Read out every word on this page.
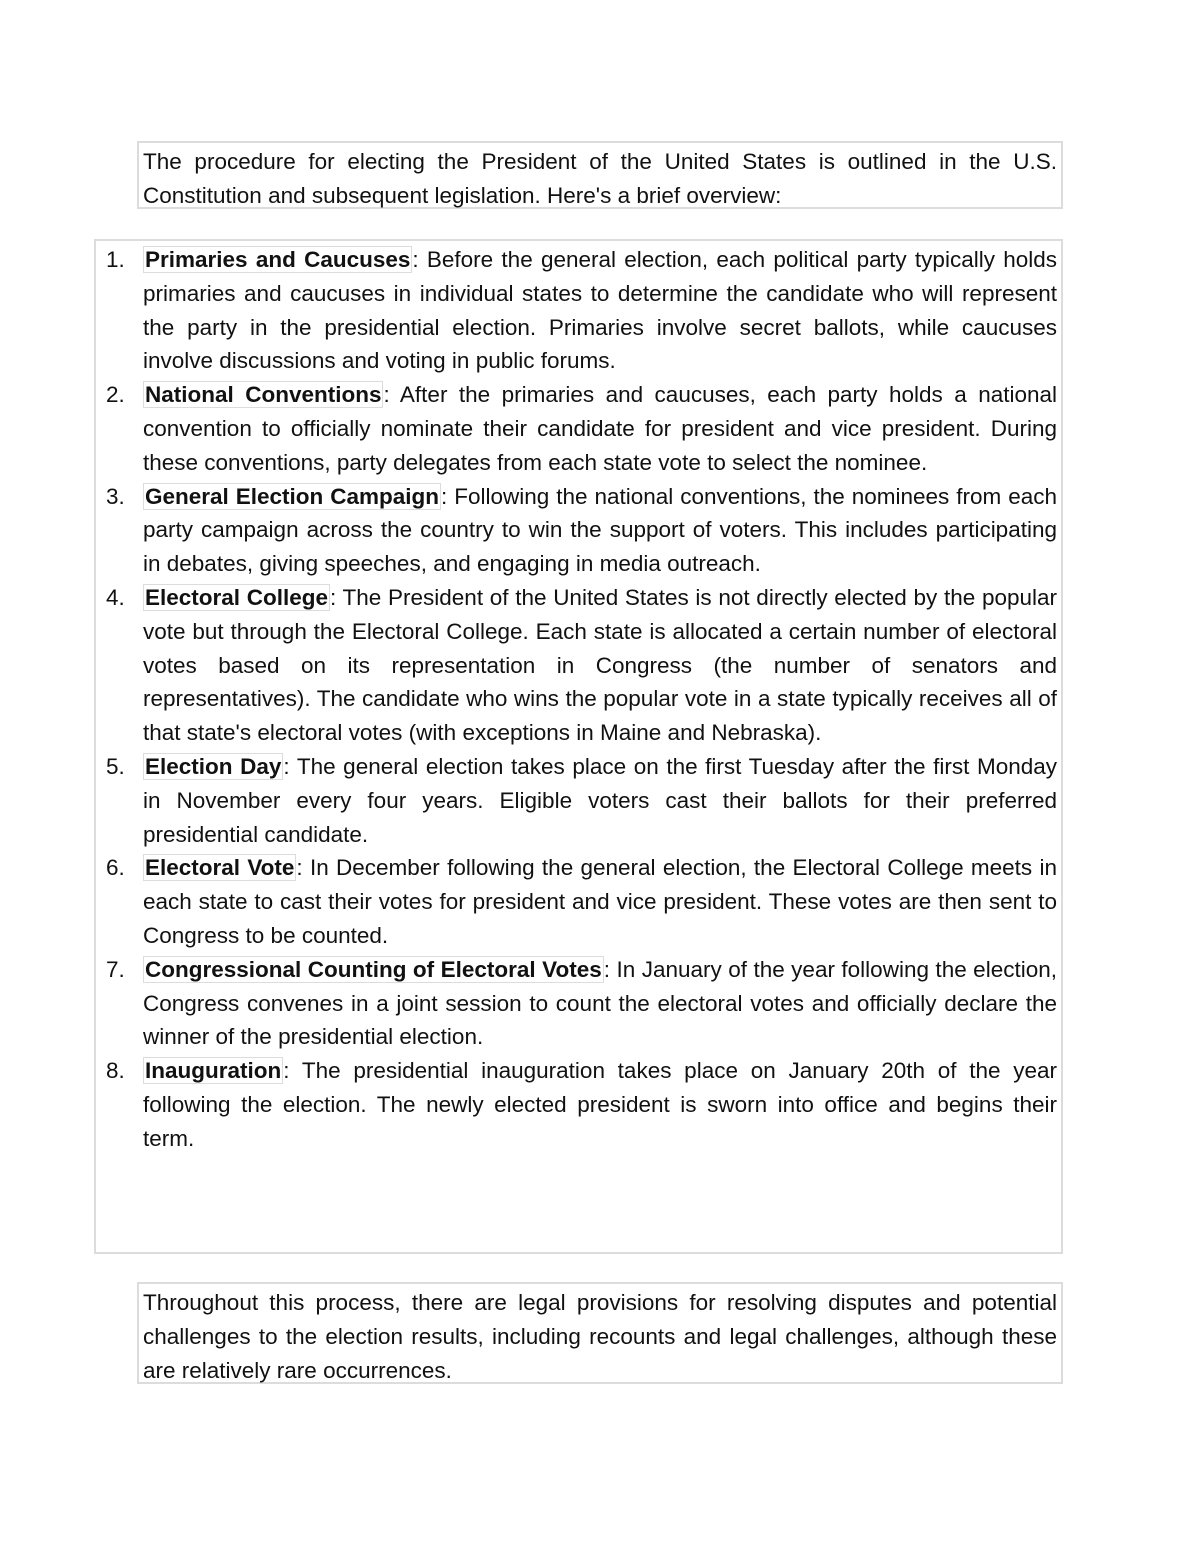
The procedure for electing the President of the United States is outlined in the U.S. Constitution and subsequent legislation. Here's a brief overview:

1. Primaries and Caucuses: Before the general election, each political party typically holds primaries and caucuses in individual states to determine the candidate who will represent the party in the presidential election. Primaries involve secret ballots, while caucuses involve discussions and voting in public forums.
2. National Conventions: After the primaries and caucuses, each party holds a national convention to officially nominate their candidate for president and vice president. During these conventions, party delegates from each state vote to select the nominee.
3. General Election Campaign: Following the national conventions, the nominees from each party campaign across the country to win the support of voters. This includes participating in debates, giving speeches, and engaging in media outreach.
4. Electoral College: The President of the United States is not directly elected by the popular vote but through the Electoral College. Each state is allocated a certain number of electoral votes based on its representation in Congress (the number of senators and representatives). The candidate who wins the popular vote in a state typically receives all of that state's electoral votes (with exceptions in Maine and Nebraska).
5. Election Day: The general election takes place on the first Tuesday after the first Monday in November every four years. Eligible voters cast their ballots for their preferred presidential candidate.
6. Electoral Vote: In December following the general election, the Electoral College meets in each state to cast their votes for president and vice president. These votes are then sent to Congress to be counted.
7. Congressional Counting of Electoral Votes: In January of the year following the election, Congress convenes in a joint session to count the electoral votes and officially declare the winner of the presidential election.
8. Inauguration: The presidential inauguration takes place on January 20th of the year following the election. The newly elected president is sworn into office and begins their term.

Throughout this process, there are legal provisions for resolving disputes and potential challenges to the election results, including recounts and legal challenges, although these are relatively rare occurrences.
